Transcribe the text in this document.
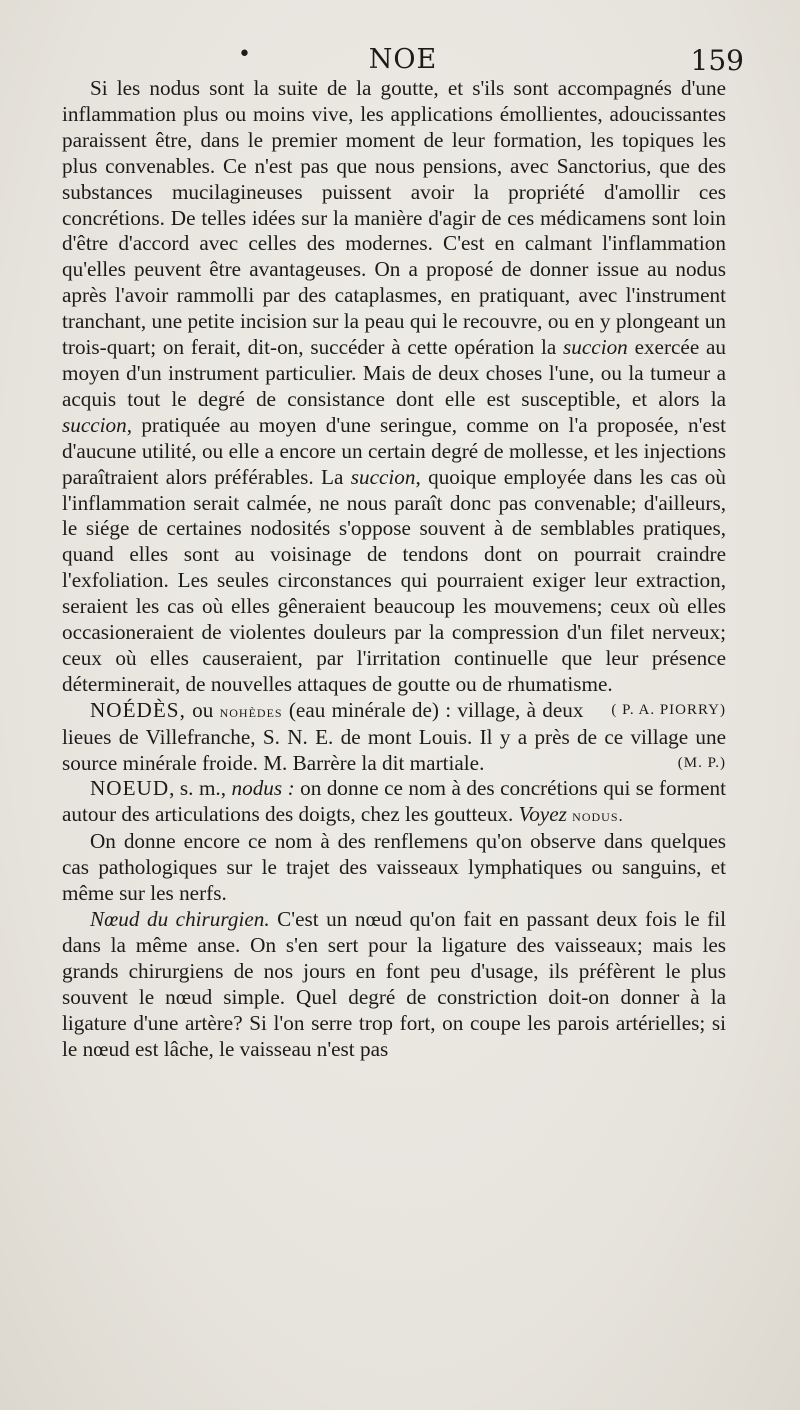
•	NOE	159

Si les nodus sont la suite de la goutte, et s'ils sont accompagnés d'une inflammation plus ou moins vive, les applications émollientes, adoucissantes paraissent être, dans le premier moment de leur formation, les topiques les plus convenables. Ce n'est pas que nous pensions, avec Sanctorius, que des substances mucilagineuses puissent avoir la propriété d'amollir ces concrétions. De telles idées sur la manière d'agir de ces médicamens sont loin d'être d'accord avec celles des modernes. C'est en calmant l'inflammation qu'elles peuvent être avantageuses. On a proposé de donner issue au nodus après l'avoir rammolli par des cataplasmes, en pratiquant, avec l'instrument tranchant, une petite incision sur la peau qui le recouvre, ou en y plongeant un trois-quart; on ferait, dit-on, succéder à cette opération la succion exercée au moyen d'un instrument particulier. Mais de deux choses l'une, ou la tumeur a acquis tout le degré de consistance dont elle est susceptible, et alors la succion, pratiquée au moyen d'une seringue, comme on l'a proposée, n'est d'aucune utilité, ou elle a encore un certain degré de mollesse, et les injections paraîtraient alors préférables. La succion, quoique employée dans les cas où l'inflammation serait calmée, ne nous paraît donc pas convenable; d'ailleurs, le siége de certaines nodosités s'oppose souvent à de semblables pratiques, quand elles sont au voisinage de tendons dont on pourrait craindre l'exfoliation. Les seules circonstances qui pourraient exiger leur extraction, seraient les cas où elles gêneraient beaucoup les mouvemens; ceux où elles occasioneraient de violentes douleurs par la compression d'un filet nerveux; ceux où elles causeraient, par l'irritation continuelle que leur présence déterminerait, de nouvelles attaques de goutte ou de rhumatisme.
( P. A. PIORRY)

NOÉDÈS, ou nohèdes (eau minérale de) : village, à deux lieues de Villefranche, S. N. E. de mont Louis. Il y a près de ce village une source minérale froide. M. Barrère la dit martiale.	(M. P.)

NOEUD, s. m., nodus : on donne ce nom à des concrétions qui se forment autour des articulations des doigts, chez les goutteux. Voyez nodus.

On donne encore ce nom à des renflemens qu'on observe dans quelques cas pathologiques sur le trajet des vaisseaux lymphatiques ou sanguins, et même sur les nerfs.

Nœud du chirurgien. C'est un nœud qu'on fait en passant deux fois le fil dans la même anse. On s'en sert pour la ligature des vaisseaux; mais les grands chirurgiens de nos jours en font peu d'usage, ils préfèrent le plus souvent le nœud simple. Quel degré de constriction doit-on donner à la ligature d'une artère? Si l'on serre trop fort, on coupe les parois artérielles; si le nœud est lâche, le vaisseau n'est pas
